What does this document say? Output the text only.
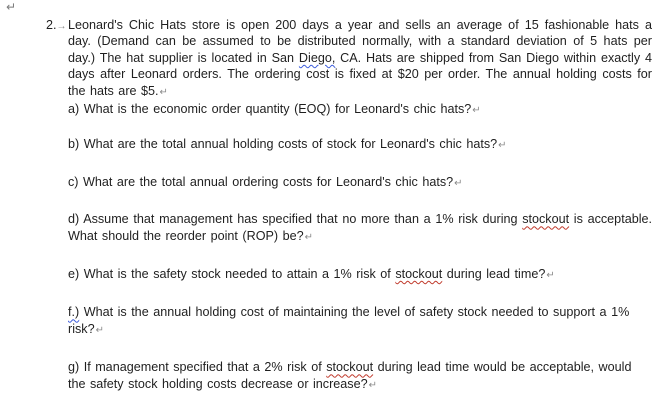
↵

2.→ Leonard's Chic Hats store is open 200 days a year and sells an average of 15 fashionable hats a day. (Demand can be assumed to be distributed normally, with a standard deviation of 5 hats per day.) The hat supplier is located in San Diego, CA. Hats are shipped from San Diego within exactly 4 days after Leonard orders. The ordering cost is fixed at $20 per order. The annual holding costs for the hats are $5.↵

a) What is the economic order quantity (EOQ) for Leonard's chic hats?↵

b) What are the total annual holding costs of stock for Leonard's chic hats?↵

c) What are the total annual ordering costs for Leonard's chic hats?↵

d) Assume that management has specified that no more than a 1% risk during stockout is acceptable. What should the reorder point (ROP) be?↵

e) What is the safety stock needed to attain a 1% risk of stockout during lead time?↵

f.) What is the annual holding cost of maintaining the level of safety stock needed to support a 1% risk?↵

g) If management specified that a 2% risk of stockout during lead time would be acceptable, would the safety stock holding costs decrease or increase?↵
